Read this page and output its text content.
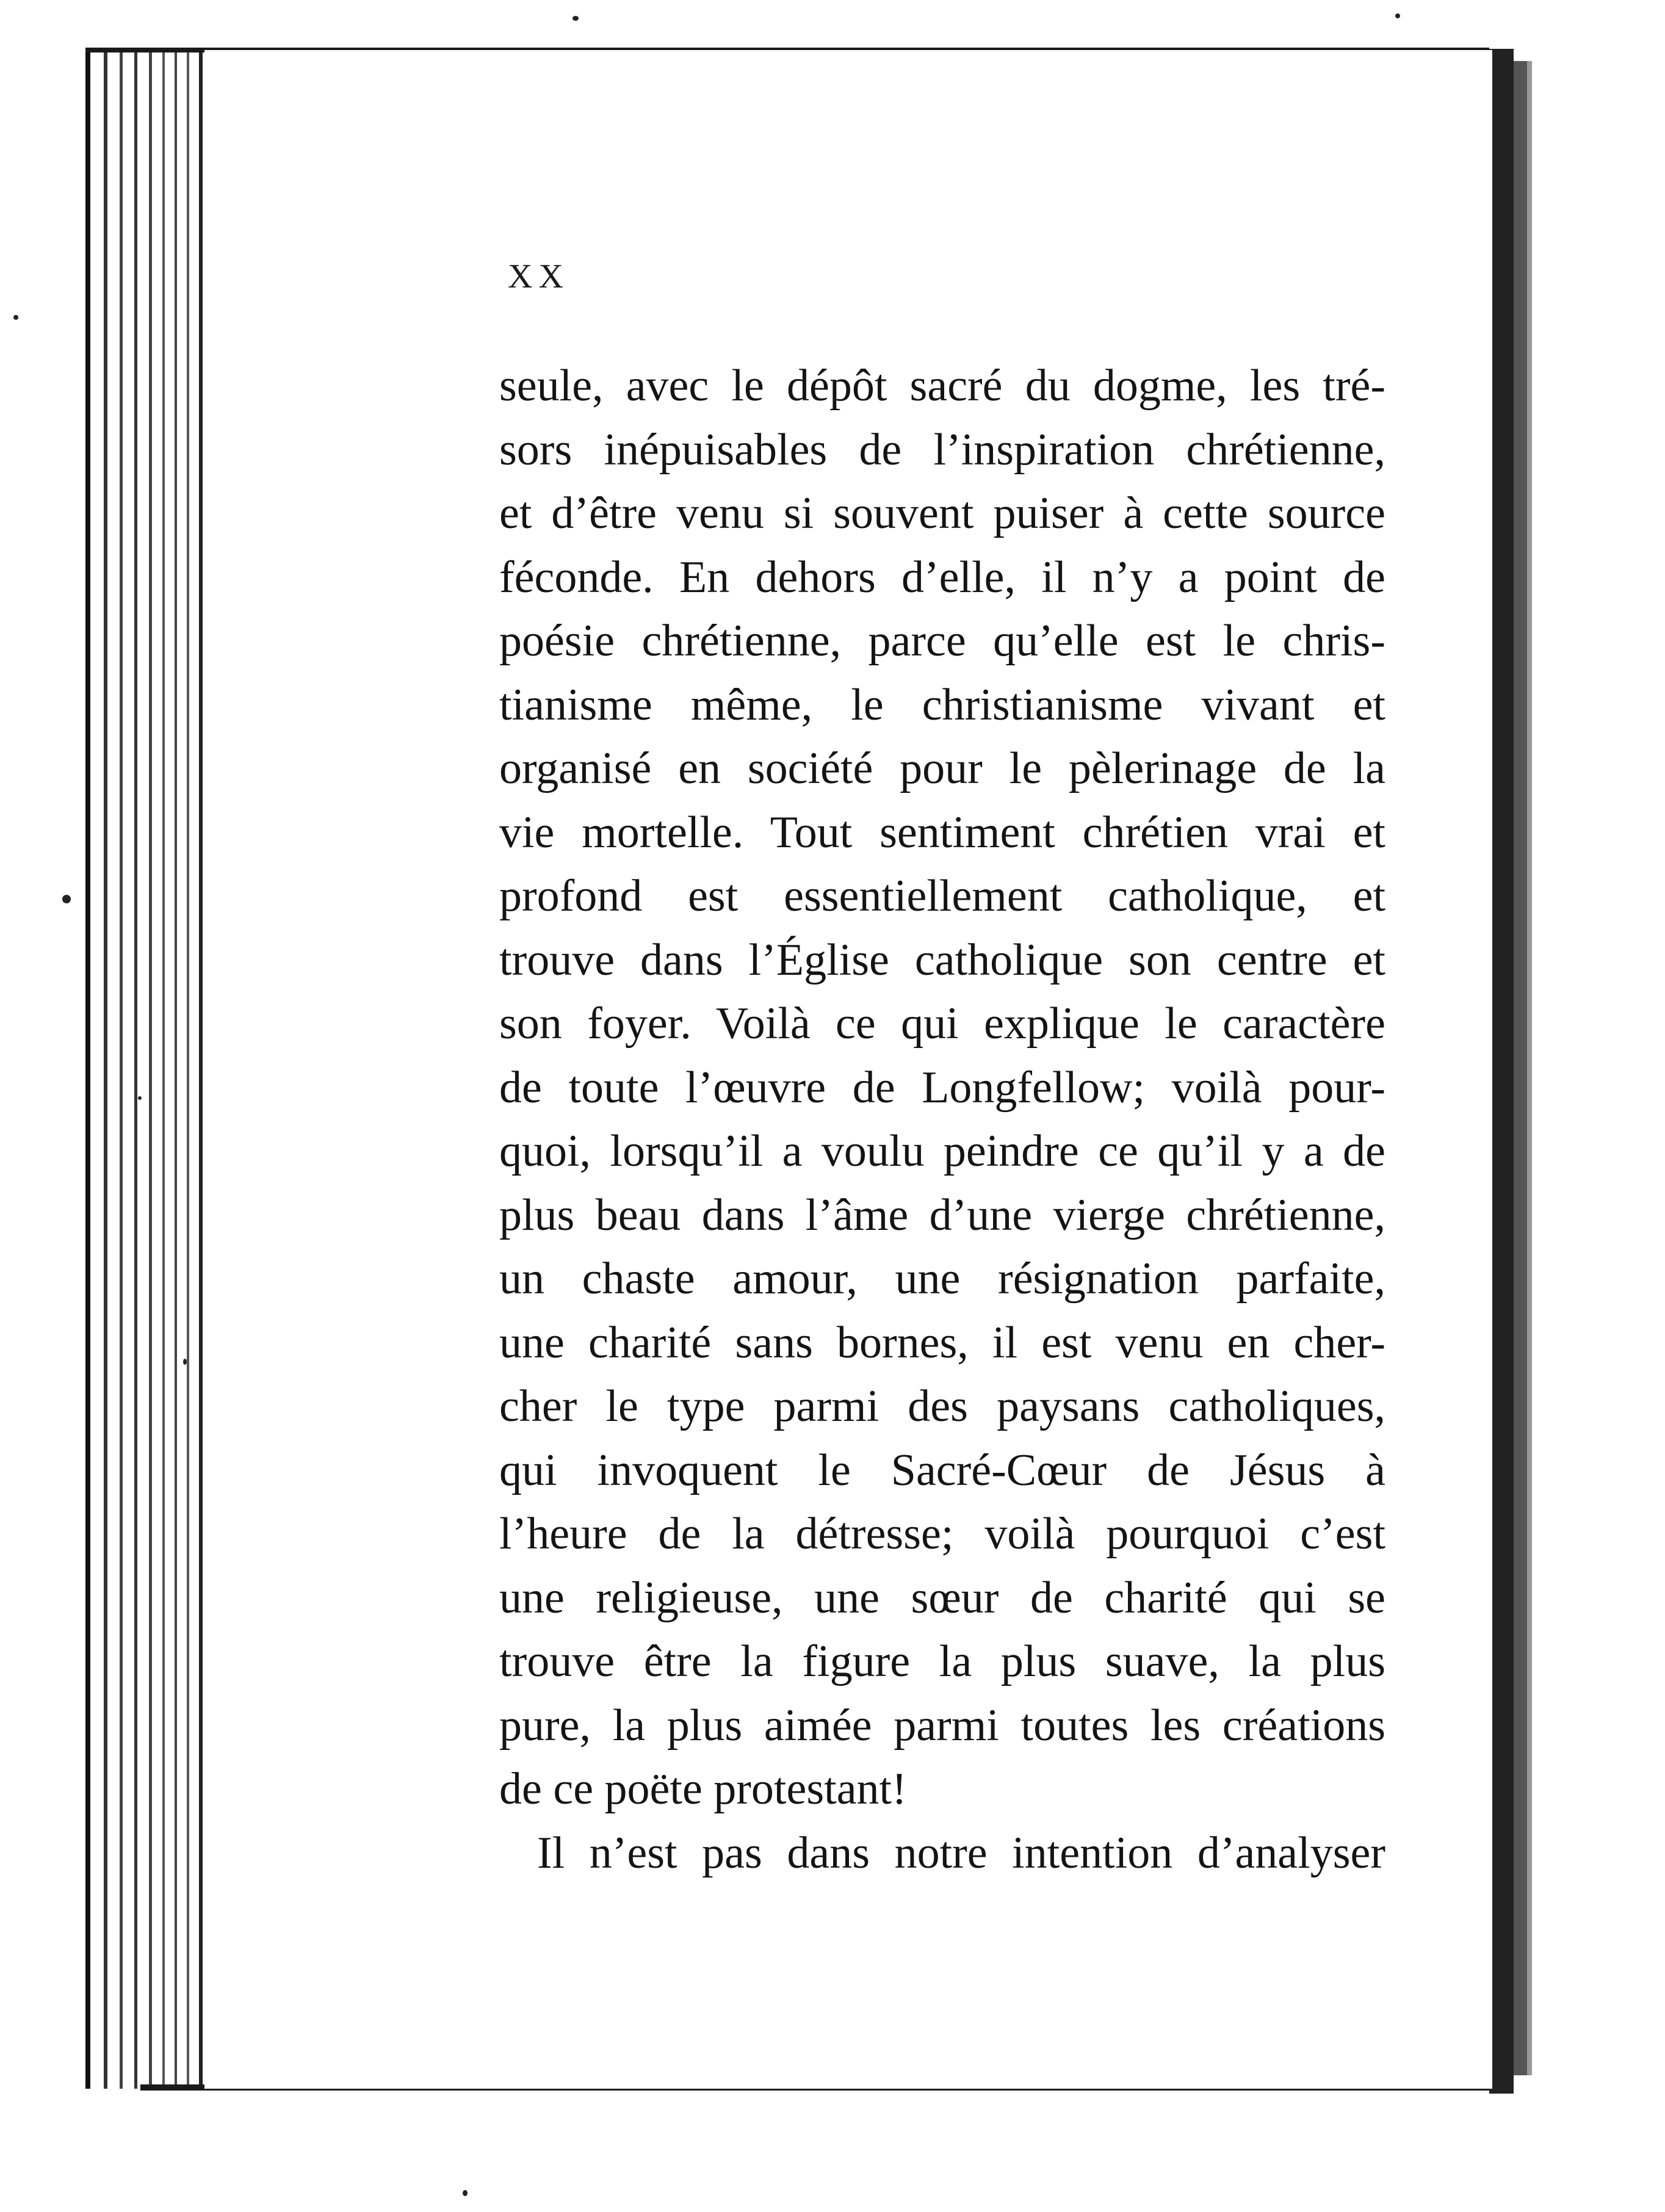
XX
seule, avec le dépôt sacré du dogme, les tré-
sors inépuisables de l’inspiration chrétienne,
et d’être venu si souvent puiser à cette source
féconde. En dehors d’elle, il n’y a point de
poésie chrétienne, parce qu’elle est le chris-
tianisme même, le christianisme vivant et
organisé en société pour le pèlerinage de la
vie mortelle. Tout sentiment chrétien vrai et
profond est essentiellement catholique, et
trouve dans l’Église catholique son centre et
son foyer. Voilà ce qui explique le caractère
de toute l’œuvre de Longfellow; voilà pour-
quoi, lorsqu’il a voulu peindre ce qu’il y a de
plus beau dans l’âme d’une vierge chrétienne,
un chaste amour, une résignation parfaite,
une charité sans bornes, il est venu en cher-
cher le type parmi des paysans catholiques,
qui invoquent le Sacré-Cœur de Jésus à
l’heure de la détresse; voilà pourquoi c’est
une religieuse, une sœur de charité qui se
trouve être la figure la plus suave, la plus
pure, la plus aimée parmi toutes les créations
de ce poëte protestant!
Il n’est pas dans notre intention d’analyser
